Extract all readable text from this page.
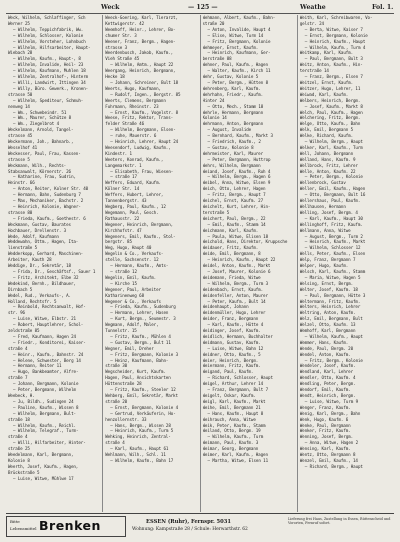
Weck	— 125 —	Weathe	Fol. 1.
Weck, Wilhelm, Schlaffinger, Sch
Werner 25
– Wilhelm, Teppichfabrik, Ww.
– Wilhelm, Schlosser, Kolonie
– Wilhelm, Vorsteher, Lohnbuch
– Wilhelm, Hilfsarbeiter, Haupt-
Wiebach 28
– Wilhelm, Kaufm., Haupt-, 8
– Wilhelm, Invalide, Heil- 23
– Wilhelm, Kaufmann, Muhlen 18
– Wilhelm, Zentralhof-, Hinterm
– Willi, Landwirt, Ittingen 34
– Willy, Büro. Gewerk., Kronen-
strasse 50
– Wilhelm, Spediteur, Schmuh-
nenweg 14
– Wm., Schwebeindr. 51
– Wm., Maurer, Schütze 8
– Wm., Ziegelbrot 4
Weckelmann, Arnold, Tangel-
strasse 45
Weckermann, Joh., Bahnarb.,
Wesselhof 41
Weckesser, Paul, Frau, Kassen-
strasse 5
Weckmann, Wilh., Rechts-
Stabsanwalt, Körnerstr. 26
– Katharine, Frau, Sudrin,
Heinstr. 66
– Anton, Reiter, Kolner Str. 40
– Hermann, Bahn, Sudenburg 7
– Max, Mechaniker, Bachstr. 2
– Heinrich, Kolonie, Wagner-
strasse 80
– Frieda, Kaufm., Goethestr. 6
Weckmann, Gustav, Baurates
Hochbauer, Drellenstr. 3
Wede, Adolf, Kaufmann
Weddewahn, Ottm., Hagen, Ita-
lienstraße 5
Wedderkopp, Gerhard, Maschinen-
Arbeiter, Kauth 28
Weddige, Dr., Sekretär, 18
– Frida, Dr., Geschäftsf., Sauer 1
– Fritz, Architekt, Elbe 32
Wedekind, Bernh., Bildhauer,
Dirnbach 5
Wedel, Rud., Verkaufs-, A.
Holland, Rechtsfr. 5
– Reinbold, Rechtsanwalt, Hof-
str. 96
– Luise, Witwe, Elbstr. 21
– Robert, Hauptlehrer, Schol-
zeldstraße 85
– Fred, Kaufmann, Hagen 24
– Friedr., Konditorei, Kaiser-
straße 4
– Heinr., Kaufm., Bahnstr. 24
– Helene, Schwester, Berg 14
– Hermann, Reiter 11
– Hugo, Bankbeamter, Alfre-
straße 7
– Johann, Bergmann, Kolonie
– Peter, Bergmann, Wilhelm
Weebeck, H.
– Ju, Bildh., Sudingen 24
– Pauline, Kaufm., Wissen 8
– Wilhelm, Bergmann, Bult-
straße 18
– Wilhelm, Kaufm., Reichl.
– Wilhelm, Telegraf., Turm-
straße 4
– Willi, Hilfarbeiter, Hinter-
straße 25
Weedelmann, Karl, Bergmann,
Kolonie 8
Weerth, Josef, Kaufm., Hagen,
Brückstraße 5
– Luise, Witwe, Mühlwe 17
Weeck-Goering, Karl, Tierarzt,
Kettwigerstr. 42
Weemhoff, Heinr., Lehrer, Bo-
chumer Str. 3
Weener, Franz, Bergm., Hagen-
strasse 3
Weerdenbusch, Jakob, Kaufm.,
Vieh Straße 45
– Wilhelm, Amtm., Haupt 22
Weergang, Heinrich, Bergmann,
Hecke 18
– Johann, Schreiner, Bult 18
Weerts, Hugo, Kaufmann,
– Rudolf, Ingen., Bergstr. 85
Weerts, Clemens, Bergmann
Fuhrmann, Rheinstr. 23
– Ernst, Kaufm., Vogelstr. 8
Weese, Fritz, Rektor, Trans-
felder Straße 46
– Wilhelm, Bergmann, Elsen-
– ruhe, Mauerstr. 6
– Heinrich, Lehrer, Haupt 24
Weesendorf, Ludwig, Kaufm.,
Kindestr. 1
Weeters, Konrad, Kaufm.,
Langemarkstr. 1
– Elisabeth, Frau, Wiesen-
– straße 17
Weffers, Eduard, Kaufm.
Kölner Str. 14
Weffers, Hubert, Lehrer,
Tannenbergstr. 43
Wegberg, Paul, Kaufm., 12
Wegemann, Paul, Gesch.
Rathausstr. 22
Wegener, Heinrich, Bergmann,
Kirchhofstr. 47
Wegeners, Emil, Kaufm., Stol-
bergstr. 85
Weg, Hugo, Haupt 40
Wegelin & Co., Verkaufs-
stelle, Sachsenstr. 12
– Hermann, Kaufm., Amts-
– straße 12
Wegelin, Emil, Kaufm.
– Kirche 15
Wegener, Paul, Arbeiter
Katharinenweg 68
Wegener & Co., Verkaufs
– Frieda, Kaufm., Sudenburg
– Hermann, Lehrer, Hasen
– Kurt, Bergm., Seumestr. 3
Wegmann, Adolf, Maler,
Tunnelstr. 15
– Fritz, Kaufm., Mühlen 4
– Gustav, Bergm., Bult 11
Wegner, Emil, Dreher
– Fritz, Bergmann, Kolonie 3
– Heinz, Kaufmann, Bahn-
straße 30
Wegscheider, Kurt, Kaufm.
Hagen, Paul, Ansichtskarten
Hüttenstraße 28
– Fritz, Kaufm., Steeler 12
Wehberg, Emil, Sekretär, Markt
straße 20
– Ernst, Bergmann, Kolonie 4
– Gertrud, Verkäuferin, Ho-
henzollernstr. 33
– Hans, Bergm., Wissen 28
– Heinrich, Kaufm., Turm 5
Wehking, Heinrich, Zentral-
straße 4
– Karl, Kaufm., Haupt 61
Wehlmann, Wilh., Schl. 11
– Wilhelm, Kaufm., Bahn 17
Wehmann, Albert, Kaufm., Bahn-
straße 20
– Anton, Invalide, Haupt 4
– Elise, Witwe, Turm 14
– Fritz, Bergmann, Kolonie
Wehmeyer, Ernst, Kaufm.
– Heinrich, Kaufmann, Ger-
berstraße 88
Wehner, Paul, Kaufm., Hagen
– Walter, Kaufm., Kirch 11
Wehr, Gustav, Kolonie 5
– Peter, Bergm., Hütten 8
Wehrenberg, Karl, Kaufm.
Wehrhahn, Friedr., Kaufm.
Hinter 24
– Otto, Mech., Stamm 18
Wehrle, Hermann, Bergmann
Kolonie 14
Wehrmann, Anton, Bergmann
– August, Invalide
– Bernhard, Kaufm., Markt 3
– Friedrich, Kaufm., 2
– Gustav, Kolonie 8
Wehrmeister, Karl, Maurer
– Peter, Bergmann, Huttrop
Wehrs, Wilhelm, Bergmann
Weiand, Josef, Kaufm., Ruh 4
– Wilhelm, Bergm., Hagen 6
Weibel, Anna, Witwe, Elsen 9
Weich, Otto, Lehrer, Hagen
– Fritz, Bergm., Haupt 7
Weichel, Ernst, Kaufm. 27
Weichelt, Kurt, Lehrer, Hin-
terstraße 5
Weichert, Paul, Bergm., 22
– Emil, Kaufm., Stamm 14
Weichmann, Karl, Kaufm.
– Paula, Witwe, Elisen 18
Weichold, Hans, Direktor, Kruppsche
Weidauer, Fritz, Kaufm.
Weide, Emil, Bergmann, 8
– Heinrich, Kaufm., Haupt 22
Weidel, Anton, Kaufm., Markt
– Josef, Maurer, Kolonie 6
Weidemann, Frieda, Witwe
– Wilhelm, Bergm., Turm 3
Weidenbach, Ernst, Kaufm.
Weidenfeller, Anton, Maurer
– Peter, Kaufm., Bult 14
Weidenhaupt, Johann
Weidenmüller, Hugo, Lehrer
Weider, Franz, Bergmann
– Karl, Kaufm., Hütte 4
Weidinger, Josef, Kaufm.
Weidlich, Hermann, Buchhalter
Weidmann, Gustav, Kaufm.
– Luise, Witwe, Bahn 12
Weidner, Otto, Kaufm., 5
Weier, Heinrich, Bergm.
Weiermann, Fritz, Kaufm.
Weigand, Paul, Kaufm.
– Richard, Schlosser, Haupt
Weigel, Arthur, Lehrer 14
– Franz, Bergmann, Bult 7
Weigelt, Oskar, Kaufm.
Weigl, Karl, Kaufm., Markt
Weihe, Emil, Bergmann 21
– Hans, Kaufm., Haupt 8
Weihrauch, Anna, Witwe
Weik, Peter, Kaufm., Stamm
Weiland, Otto, Bergm. 19
– Wilhelm, Kaufm., Turm
Weimann, Paul, Kaufm. 3
Weimar, Georg, Bergmann
Weimer, Karl, Kaufm., Hagen
– Martha, Witwe, Elsen 11
Weith, Karl, Schreibwaren, Vo-
gelstr. 24
– Berta, Witwe, Kaiser 7
– Ernst, Bergmann, Kolonie
– Heinrich, Kaufm., Haupt
– Wilhelm, Kaufm., Turm 4
Weitkamp, Karl, Kaufm.
– Paul, Bergmann, Bult 3
Weitz, Anton, Kaufm., Hin-
terstraße 14
– Franz, Bergm., Elsen 7
Weitzel, Ernst, Kaufm.
Weitzer, Hugo, Lehrer, 11
Weiwad, Karl, Kaufm.
Welbers, Heinrich, Bergm.
– Josef, Kaufm., Markt 8
Welch, Paul, Kaufm., Hagen
Welchering, Fritz, Bergm.
Welge, Otto, Kaufm., Bahn
Welk, Emil, Bergmann 5
Welke, Richard, Kaufm.
– Wilhelm, Bergm., Haupt
Welker, Karl, Kaufm., Turm
Well, Johann, Bergmann
Welland, Hans, Kaufm. 9
Wellbrock, Fritz, Lehrer
Welle, Anton, Kaufm. 22
– Peter, Bergm., Kolonie
Wellenbrock, Gustav
Weller, Emil, Kaufm., Hagen
– Otto, Bergmann, Bult 16
Wellershaus, Paul, Kaufm.
Wellhausen, Hermann
Welling, Josef, Bergm. 4
– Karl, Kaufm., Haupt 30
Wellinghoff, Fritz, Kaufm.
Wellmann, Anna, Witwe
– August, Bergm., Turm 2
– Heinrich, Kaufm., Markt
– Wilhelm, Schlosser 12
Wells, Peter, Kaufm., Elsen
Welp, Franz, Bergmann 7
Welper, Hugo, Kaufm.
Welsch, Karl, Kaufm., Stamm
– Maria, Witwe, Hagen 5
Welsing, Ernst, Bergm.
Welter, Josef, Kaufm. 18
– Paul, Bergmann, Hütte 3
Weltermann, Fritz, Kaufm.
Welters, Heinrich, Lehrer
Weltring, Anton, Kaufm.
Welz, Emil, Bergmann, Bult
Welzel, Otto, Kaufm. 13
Wemhoff, Karl, Bergmann
– Wilhelm, Kaufm., Haupt
Wemmer, Hans, Kaufm.
Wende, Paul, Bergm. 20
Wendel, Anton, Kaufm.
– Fritz, Bergm., Kolonie
Wendeler, Josef, Kaufm.
Wendland, Karl, Lehrer
Wendler, Otto, Kaufm. 4
Wendling, Peter, Bergm.
Wendorf, Emil, Kaufm.
Wendt, Heinrich, Bergm.
– Luise, Witwe, Turm 9
Wenger, Franz, Kaufm.
Wenig, Karl, Bergm., Bahn
Wenk, Hugo, Kaufm. 6
Wenke, Paul, Bergmann
Wenker, Fritz, Kaufm.
Wenning, Josef, Bergm.
– Anna, Witwe, Hagen 2
Wensing, Karl, Kaufm.
Wentz, Otto, Bergmann 8
Wenzel, Emil, Kaufm., 14
– Richard, Bergm., Haupt
Bitte
Lebensmittel Brenken	ESSEN (Ruhr), Fernspr. 5031
Wohnung: Kampstraße 28 / Schule: Herwarthstr. 62
Lieferung frei Haus, Zustellung in Essen, Rüttenscheid und Vororten, Fernruf sofort.
